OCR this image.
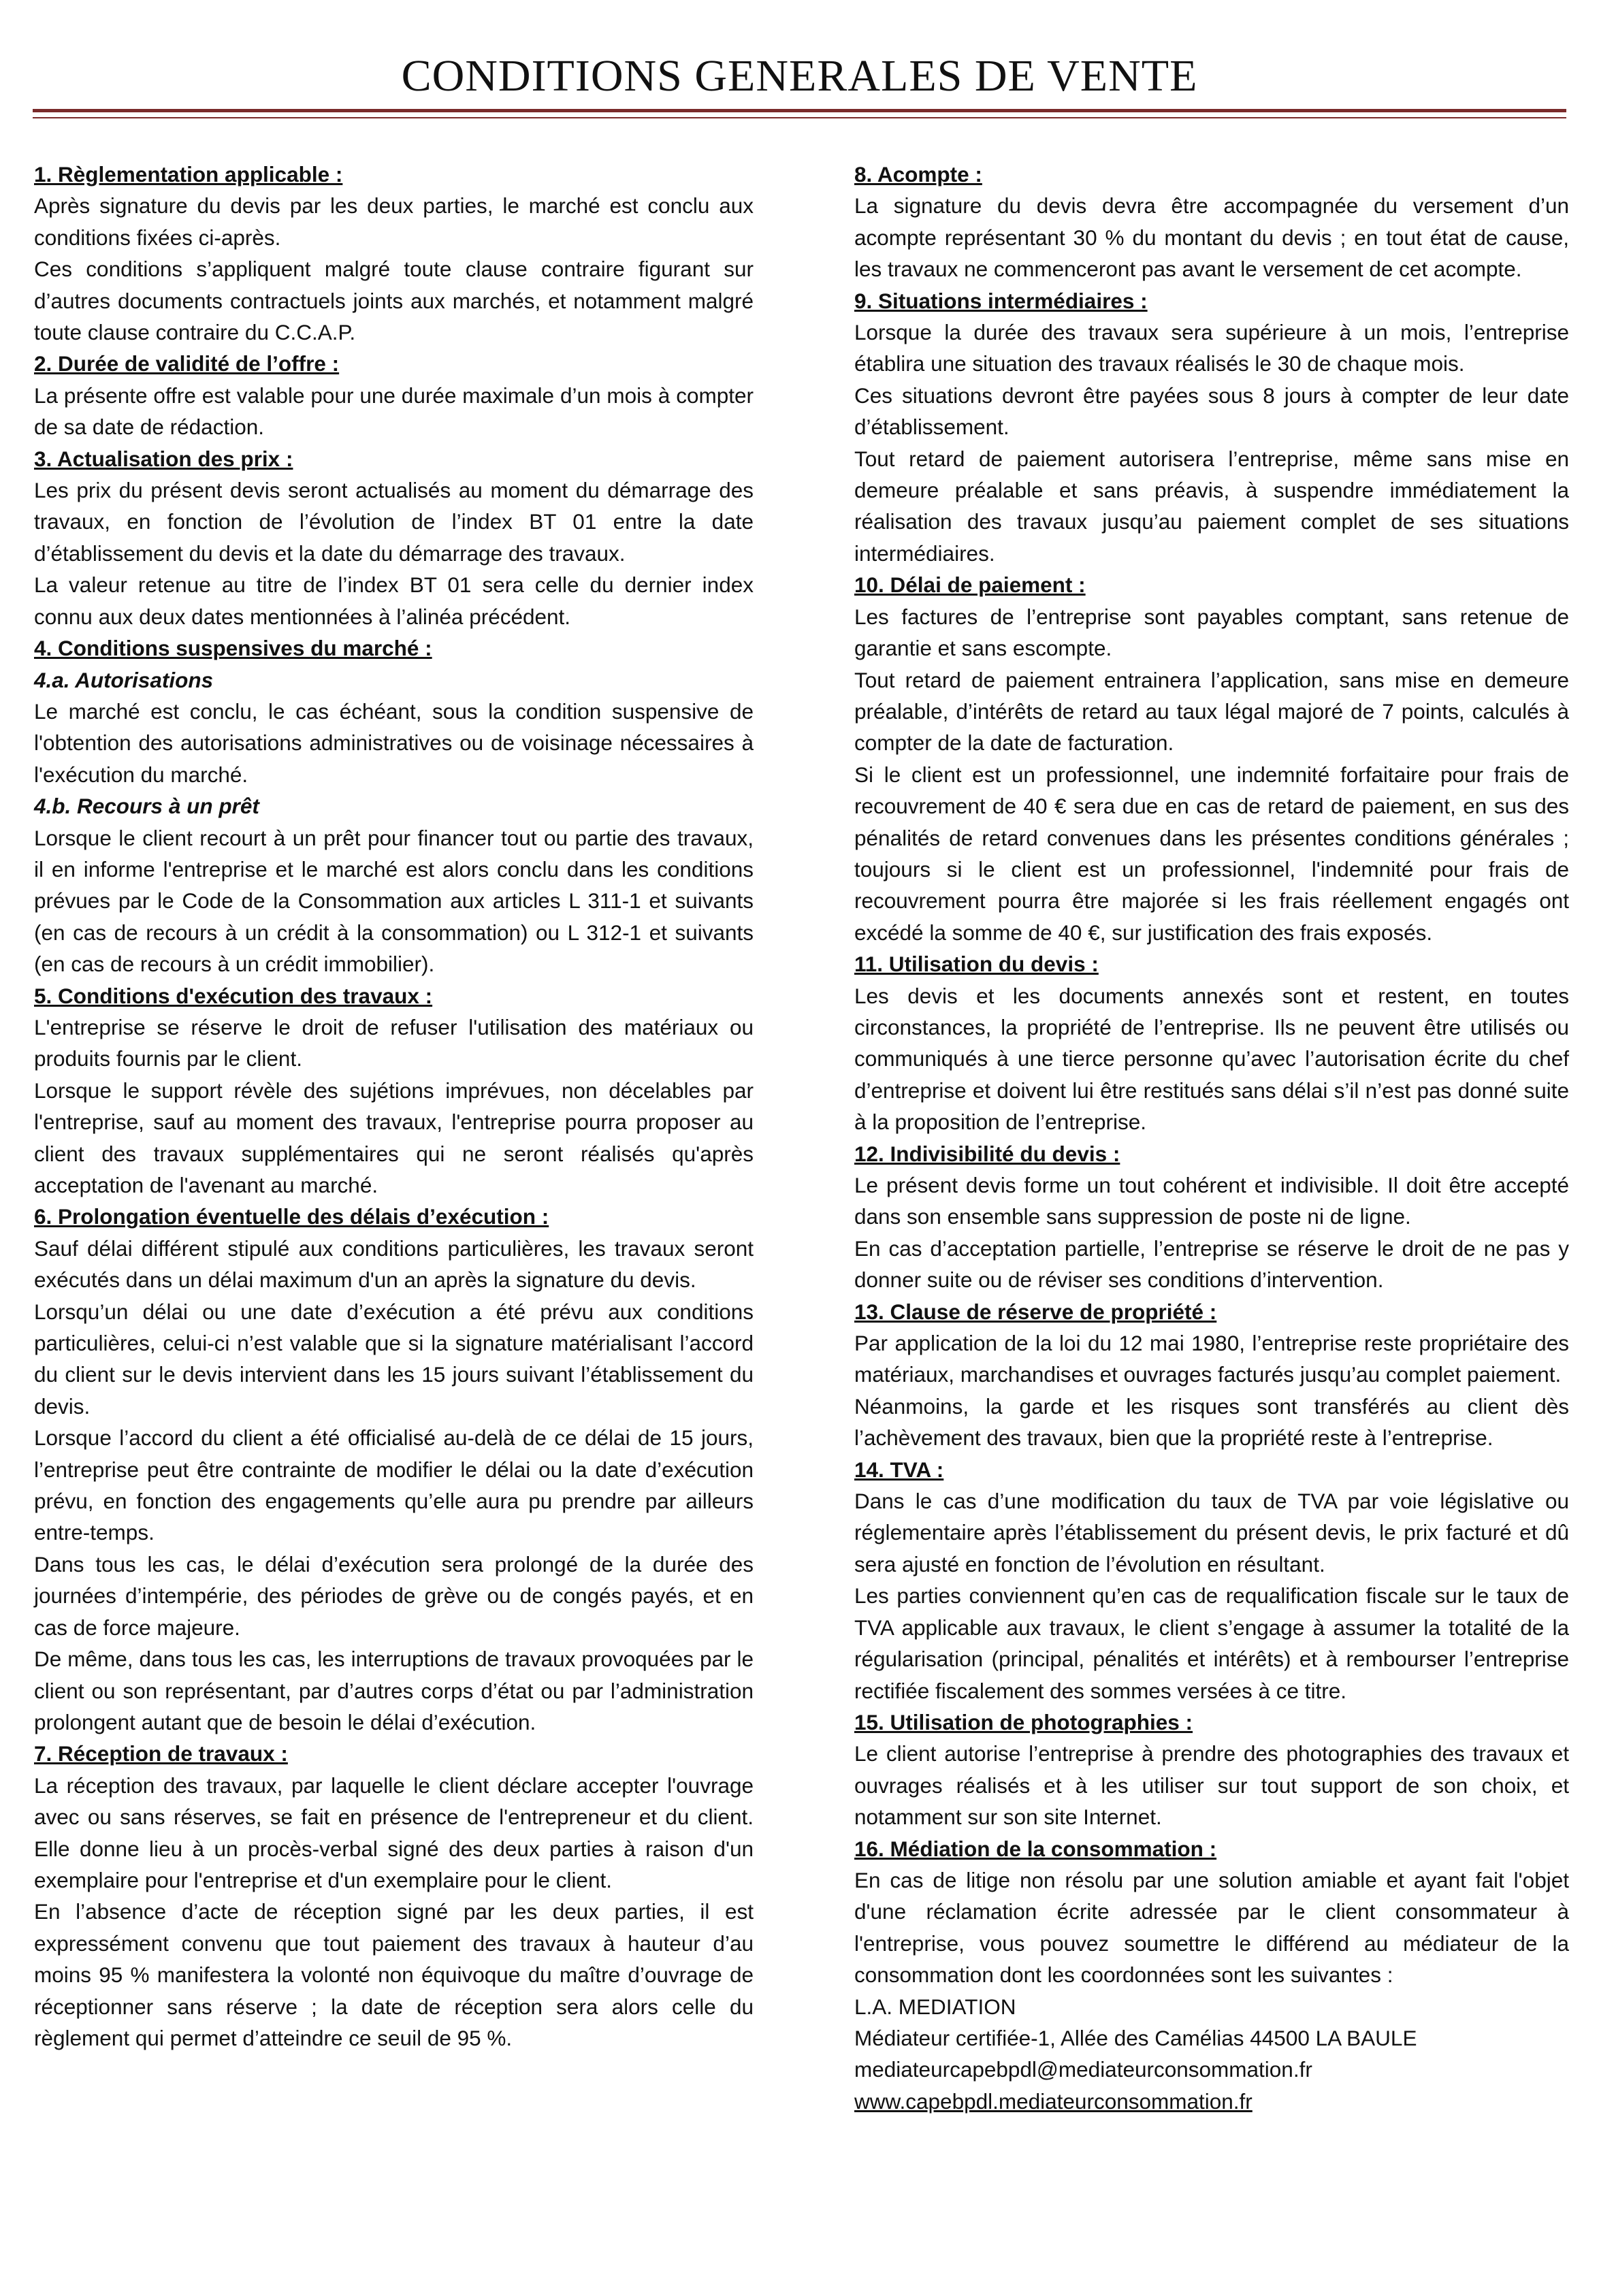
CONDITIONS GENERALES DE VENTE
1. Règlementation applicable :

Après signature du devis par les deux parties, le marché est conclu aux conditions fixées ci-après.

Ces conditions s’appliquent malgré toute clause contraire figurant sur d’autres documents contractuels joints aux marchés, et notamment malgré toute clause contraire du C.C.A.P.

2. Durée de validité de l’offre :

La présente offre est valable pour une durée maximale d’un mois à compter de sa date de rédaction.

3. Actualisation des prix :

Les prix du présent devis seront actualisés au moment du démarrage des travaux, en fonction de l’évolution de l’index BT 01 entre la date d’établissement du devis et la date du démarrage des travaux.

La valeur retenue au titre de l’index BT 01 sera celle du dernier index connu aux deux dates mentionnées à l’alinéa précédent.

4. Conditions suspensives du marché :
4.a. Autorisations

Le marché est conclu, le cas échéant, sous la condition suspensive de l'obtention des autorisations administratives ou de voisinage nécessaires à l'exécution du marché.

4.b. Recours à un prêt

Lorsque le client recourt à un prêt pour financer tout ou partie des travaux, il en informe l'entreprise et le marché est alors conclu dans les conditions prévues par le Code de la Consommation aux articles L 311-1 et suivants (en cas de recours à un crédit à la consommation) ou L 312-1 et suivants (en cas de recours à un crédit immobilier).

5. Conditions d'exécution des travaux :

L'entreprise se réserve le droit de refuser l'utilisation des matériaux ou produits fournis par le client.

Lorsque le support révèle des sujétions imprévues, non décelables par l'entreprise, sauf au moment des travaux, l'entreprise pourra proposer au client des travaux supplémentaires qui ne seront réalisés qu'après acceptation de l'avenant au marché.

6. Prolongation éventuelle des délais d’exécution :

Sauf délai différent stipulé aux conditions particulières, les travaux seront exécutés dans un délai maximum d'un an après la signature du devis.

Lorsqu’un délai ou une date d’exécution a été prévu aux conditions particulières, celui-ci n’est valable que si la signature matérialisant l’accord du client sur le devis intervient dans les 15 jours suivant l’établissement du devis.

Lorsque l’accord du client a été officialisé au-delà de ce délai de 15 jours, l’entreprise peut être contrainte de modifier le délai ou la date d’exécution prévu, en fonction des engagements qu’elle aura pu prendre par ailleurs entre-temps.

Dans tous les cas, le délai d’exécution sera prolongé de la durée des journées d’intempérie, des périodes de grève ou de congés payés, et en cas de force majeure.

De même, dans tous les cas, les interruptions de travaux provoquées par le client ou son représentant, par d’autres corps d’état ou par l’administration prolongent autant que de besoin le délai d’exécution.

7. Réception de travaux :

La réception des travaux, par laquelle le client déclare accepter l'ouvrage avec ou sans réserves, se fait en présence de l'entrepreneur et du client. Elle donne lieu à un procès-verbal signé des deux parties à raison d'un exemplaire pour l'entreprise et d'un exemplaire pour le client.

En l’absence d’acte de réception signé par les deux parties, il est expressément convenu que tout paiement des travaux à hauteur d’au moins 95 % manifestera la volonté non équivoque du maître d’ouvrage de réceptionner sans réserve ; la date de réception sera alors celle du règlement qui permet d’atteindre ce seuil de 95 %.

8. Acompte :

La signature du devis devra être accompagnée du versement d’un acompte représentant 30 % du montant du devis ; en tout état de cause, les travaux ne commenceront pas avant le versement de cet acompte.

9. Situations intermédiaires :

Lorsque la durée des travaux sera supérieure à un mois, l’entreprise établira une situation des travaux réalisés le 30 de chaque mois.

Ces situations devront être payées sous 8 jours à compter de leur date d’établissement.

Tout retard de paiement autorisera l’entreprise, même sans mise en demeure préalable et sans préavis, à suspendre immédiatement la réalisation des travaux jusqu’au paiement complet de ses situations intermédiaires.

10. Délai de paiement :

Les factures de l’entreprise sont payables comptant, sans retenue de garantie et sans escompte.

Tout retard de paiement entrainera l’application, sans mise en demeure préalable, d’intérêts de retard au taux légal majoré de 7 points, calculés à compter de la date de facturation.

Si le client est un professionnel, une indemnité forfaitaire pour frais de recouvrement de 40 € sera due en cas de retard de paiement, en sus des pénalités de retard convenues dans les présentes conditions générales ; toujours si le client est un professionnel, l'indemnité pour frais de recouvrement pourra être majorée si les frais réellement engagés ont excédé la somme de 40 €, sur justification des frais exposés.

11. Utilisation du devis :

Les devis et les documents annexés sont et restent, en toutes circonstances, la propriété de l’entreprise. Ils ne peuvent être utilisés ou communiqués à une tierce personne qu’avec l’autorisation écrite du chef d’entreprise et doivent lui être restitués sans délai s’il n’est pas donné suite à la proposition de l’entreprise.

12. Indivisibilité du devis :

Le présent devis forme un tout cohérent et indivisible. Il doit être accepté dans son ensemble sans suppression de poste ni de ligne.

En cas d’acceptation partielle, l’entreprise se réserve le droit de ne pas y donner suite ou de réviser ses conditions d’intervention.

13. Clause de réserve de propriété :

Par application de la loi du 12 mai 1980, l’entreprise reste propriétaire des matériaux, marchandises et ouvrages facturés jusqu’au complet paiement.

Néanmoins, la garde et les risques sont transférés au client dès l’achèvement des travaux, bien que la propriété reste à l’entreprise.

14. TVA :

Dans le cas d’une modification du taux de TVA par voie législative ou réglementaire après l’établissement du présent devis, le prix facturé et dû sera ajusté en fonction de l’évolution en résultant.

Les parties conviennent qu’en cas de requalification fiscale sur le taux de TVA applicable aux travaux, le client s’engage à assumer la totalité de la régularisation (principal, pénalités et intérêts) et à rembourser l’entreprise rectifiée fiscalement des sommes versées à ce titre.

15. Utilisation de photographies :

Le client autorise l’entreprise à prendre des photographies des travaux et ouvrages réalisés et à les utiliser sur tout support de son choix, et notamment sur son site Internet.

16. Médiation de la consommation :

En cas de litige non résolu par une solution amiable et ayant fait l'objet d'une réclamation écrite adressée par le client consommateur à l'entreprise, vous pouvez soumettre le différend au médiateur de la consommation dont les coordonnées sont les suivantes :

L.A. MEDIATION

Médiateur certifiée-1, Allée des Camélias 44500 LA BAULE

mediateurcapebpdl@mediateurconsommation.fr

www.capebpdl.mediateurconsommation.fr
